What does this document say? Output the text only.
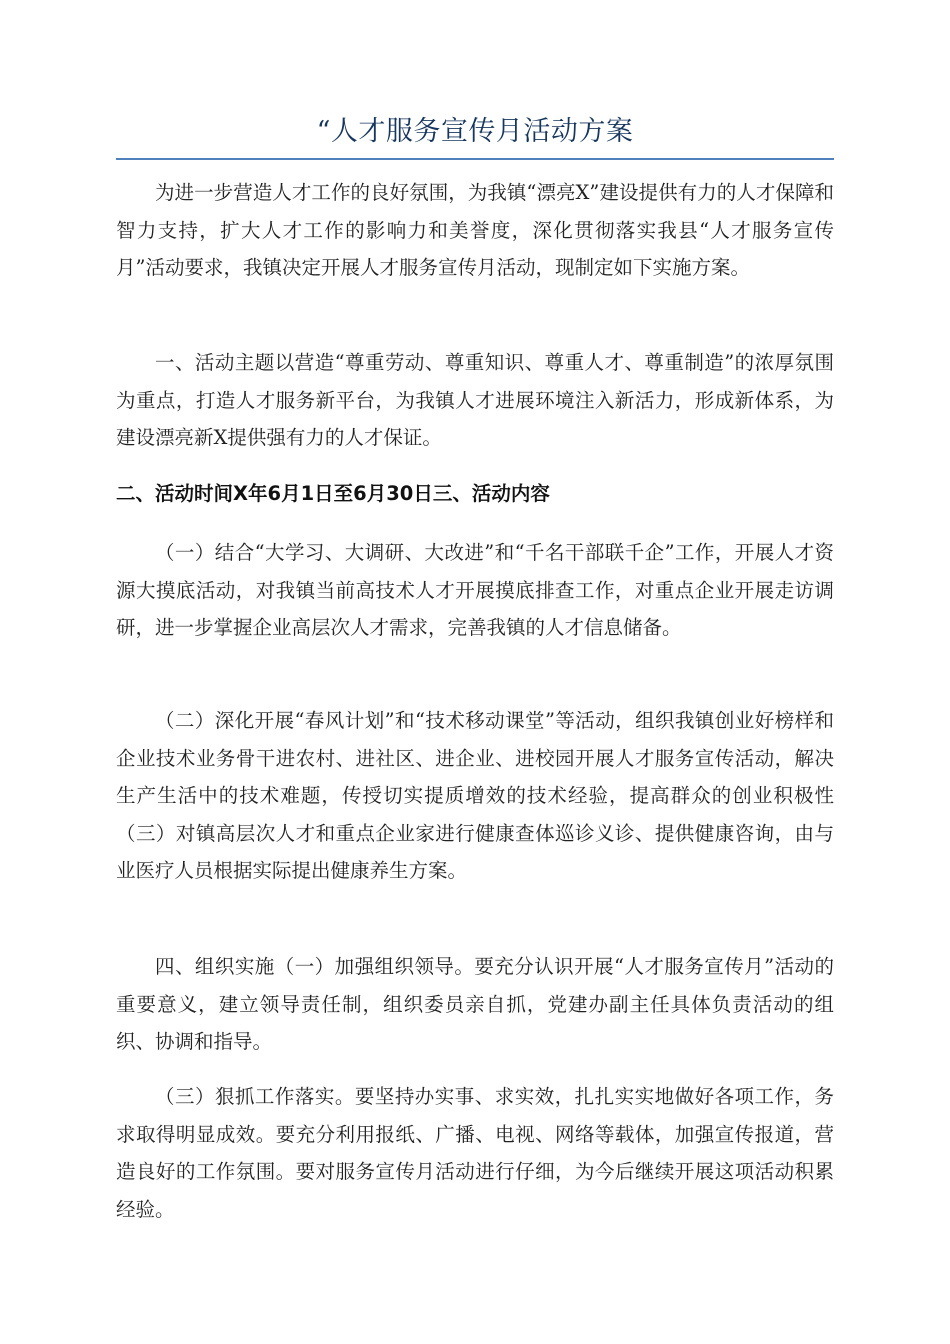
“人才服务宣传月活动方案

为进一步营造人才工作的良好氛围，为我镇“漂亮X”建设提供有力的人才保障和智力支持，扩大人才工作的影响力和美誉度，深化贯彻落实我县“人才服务宣传月”活动要求，我镇决定开展人才服务宣传月活动，现制定如下实施方案。

一、活动主题以营造“尊重劳动、尊重知识、尊重人才、尊重制造”的浓厚氛围为重点，打造人才服务新平台，为我镇人才进展环境注入新活力，形成新体系，为建设漂亮新X提供强有力的人才保证。

二、活动时间X年6月1日至6月30日三、活动内容

（一）结合“大学习、大调研、大改进”和“千名干部联千企”工作，开展人才资源大摸底活动，对我镇当前高技术人才开展摸底排查工作，对重点企业开展走访调研，进一步掌握企业高层次人才需求，完善我镇的人才信息储备。

（二）深化开展“春风计划”和“技术移动课堂”等活动，组织我镇创业好榜样和企业技术业务骨干进农村、进社区、进企业、进校园开展人才服务宣传活动，解决生产生活中的技术难题，传授切实提质增效的技术经验，提高群众的创业积极性（三）对镇高层次人才和重点企业家进行健康查体巡诊义诊、提供健康咨询，由与业医疗人员根据实际提出健康养生方案。

四、组织实施（一）加强组织领导。要充分认识开展“人才服务宣传月”活动的重要意义，建立领导责任制，组织委员亲自抓，党建办副主任具体负责活动的组织、协调和指导。

（三）狠抓工作落实。要坚持办实事、求实效，扎扎实实地做好各项工作，务求取得明显成效。要充分利用报纸、广播、电视、网络等载体，加强宣传报道，营造良好的工作氛围。要对服务宣传月活动进行仔细，为今后继续开展这项活动积累经验。
